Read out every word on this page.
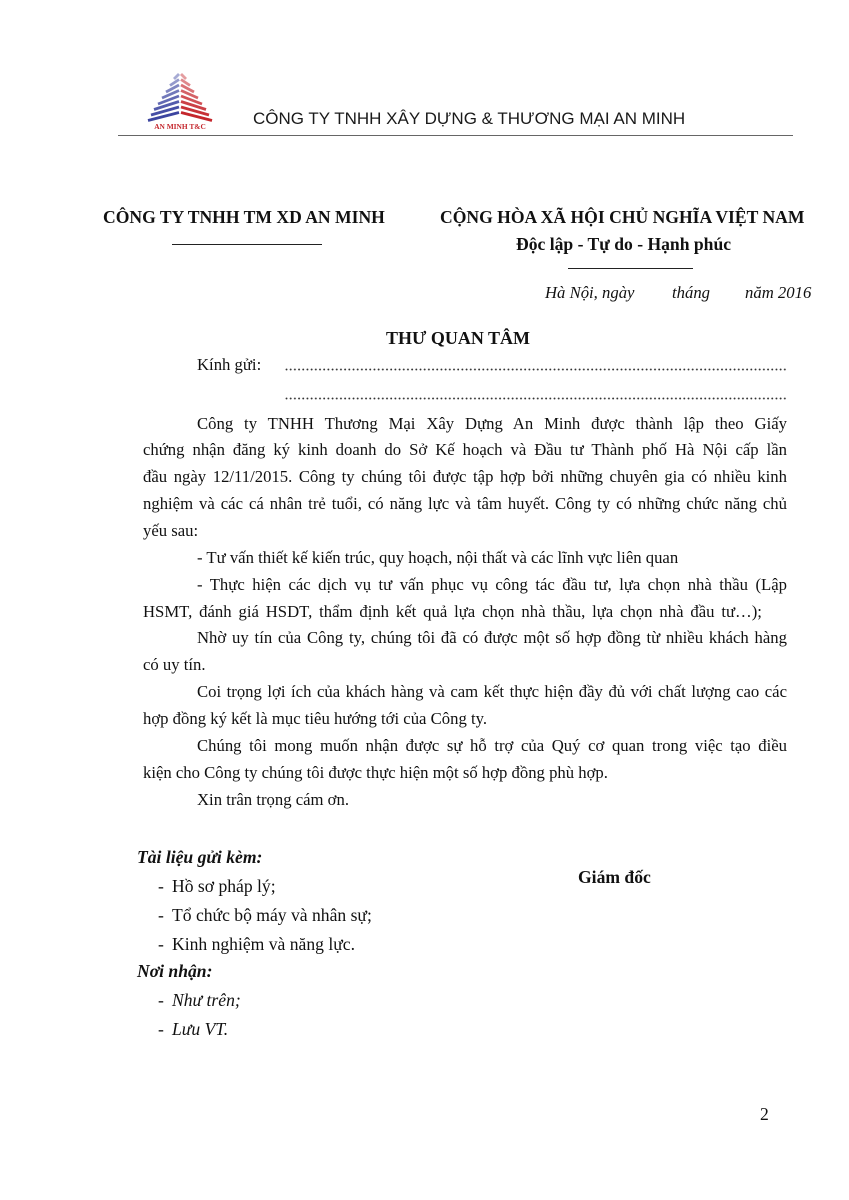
AN MINH T&C	CÔNG TY TNHH XÂY DỰNG & THƯƠNG MẠI AN MINH
CÔNG TY TNHH TM XD AN MINH	CỘNG HÒA XÃ HỘI CHỦ NGHĨA VIỆT NAM
Độc lập - Tự do - Hạnh phúc
Hà Nội, ngày tháng năm 2016
THƯ QUAN TÂM
Kính gửi:
Công ty TNHH Thương Mại Xây Dựng An Minh được thành lập theo Giấy
chứng nhận đăng ký kinh doanh do Sở Kế hoạch và Đầu tư Thành phố Hà Nội cấp lần
đầu ngày 12/11/2015. Công ty chúng tôi được tập hợp bởi những chuyên gia có nhiều kinh
nghiệm và các cá nhân trẻ tuổi, có năng lực và tâm huyết. Công ty có những chức năng chủ
yếu sau:
- Tư vấn thiết kế kiến trúc, quy hoạch, nội thất và các lĩnh vực liên quan
- Thực hiện các dịch vụ tư vấn phục vụ công tác đầu tư, lựa chọn nhà thầu (Lập
HSMT, đánh giá HSDT, thẩm định kết quả lựa chọn nhà thầu, lựa chọn nhà đầu tư…);
Nhờ uy tín của Công ty, chúng tôi đã có được một số hợp đồng từ nhiều khách hàng
có uy tín.
Coi trọng lợi ích của khách hàng và cam kết thực hiện đầy đủ với chất lượng cao các
hợp đồng ký kết là mục tiêu hướng tới của Công ty.
Chúng tôi mong muốn nhận được sự hỗ trợ của Quý cơ quan trong việc tạo điều
kiện cho Công ty chúng tôi được thực hiện một số hợp đồng phù hợp.
Xin trân trọng cám ơn.
Tài liệu gửi kèm:
- Hồ sơ pháp lý;
- Tổ chức bộ máy và nhân sự;
- Kinh nghiệm và năng lực.
Nơi nhận:
- Như trên;
- Lưu VT.
Giám đốc
2
